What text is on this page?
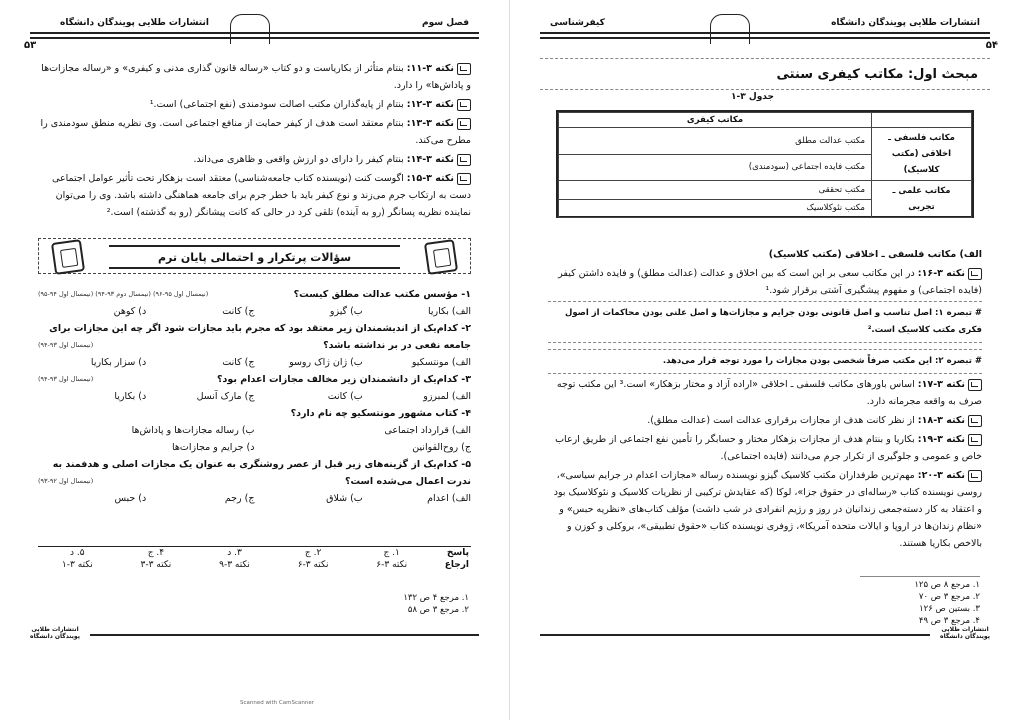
فصل سوم
انتشارات طلایی پویندگان دانشگاه
۵۳
نکته ۳-۱۱: بنتام متأثر از بکاریاست و دو کتاب «رساله قانون گذاری مدنی و کیفری» و «رساله مجازات‌ها و پاداش‌ها» را دارد.
نکته ۳-۱۲: بنتام از پایه‌گذاران مکتب اصالت سودمندی (نفع اجتماعی) است.¹
نکته ۳-۱۳: بنتام معتقد است هدف از کیفر حمایت از منافع اجتماعی است. وی نظریه منطق سودمندی را مطرح می‌کند.
نکته ۳-۱۴: بنتام کیفر را دارای دو ارزش واقعی و ظاهری می‌داند.
نکته ۳-۱۵: اگوست کنت (نویسنده کتاب جامعه‌شناسی) معتقد است بزهکار تحت تأثیر عوامل اجتماعی دست به ارتکاب جرم می‌زند و نوع کیفر باید با خطر جرم برای جامعه هماهنگی داشته باشد. وی را می‌توان نماینده نظریه پسانگر (رو به آینده) تلقی کرد در حالی که کانت پیشانگر (رو به گذشته) است.²
سؤالات پرتکرار و احتمالی پایان ترم
۱- مؤسس مکتب عدالت مطلق کیست؟
(نیمسال اول ۹۵-۹۶) (نیمسال دوم ۹۳-۹۴) (نیمسال اول ۹۴-۹۵)
الف) بکاریا
ب) گیزو
ج) کانت
د) کوهن
۲- کدام‌یک از اندیشمندان زیر معتقد بود که مجرم باید مجازات شود اگر چه این مجازات برای جامعه نفعی در بر نداشته باشد؟
(نیمسال اول ۹۳-۹۴)
الف) مونتسکیو
ب) ژان ژاک روسو
ج) کانت
د) سزار بکاریا
۳- کدام‌یک از دانشمندان زیر مخالف مجازات اعدام بود؟
(نیمسال اول ۹۳-۹۴)
الف) لمبرزو
ب) کانت
ج) مارک آنسل
د) بکاریا
۴- کتاب مشهور مونتسکیو چه نام دارد؟
الف) قرارداد اجتماعی
ب) رساله مجازات‌ها و پاداش‌ها
ج) روح‌القوانین
د) جرایم و مجازات‌ها
۵- کدام‌یک از گزینه‌های زیر قبل از عصر روشنگری به عنوان یک مجازات اصلی و هدفمند به ندرت اعمال می‌شده است؟
(نیمسال اول ۹۲-۹۳)
الف) اعدام
ب) شلاق
ج) رجم
د) حبس
پاسخ	۱. ج	۲. ج	۳. د	۴. ج	۵. د
ارجاع	نکته ۳-۶	نکته ۳-۶	نکته ۳-۹	نکته ۳-۳	نکته ۳-۱
۱. مرجع ۴ ص ۱۳۲
۲. مرجع ۳ ص ۵۸
انتشارات طلایی پویندگان دانشگاه
Scanned with CamScanner
انتشارات طلایی پویندگان دانشگاه
کیفرشناسی
۵۴
مبحث اول: مکاتب کیفری سنتی
جدول ۳-۱
	مکاتب کیفری
مکاتب فلسفی ـ اخلاقی (مکتب کلاسیک)	مکتب عدالت مطلق
	مکتب فایده اجتماعی (سودمندی)
مکاتب علمی ـ تجربی	مکتب تحققی
	مکتب نئوکلاسیک
الف) مکاتب فلسفی ـ اخلاقی (مکتب کلاسیک)
نکته ۳-۱۶: در این مکاتب سعی بر این است که بین اخلاق و عدالت (عدالت مطلق) و فایده داشتن کیفر (فایده اجتماعی) و مفهوم پیشگیری آشتی برقرار شود.¹
# تبصره ۱: اصل تناسب و اصل قانونی بودن جرایم و مجازات‌ها و اصل علنی بودن محاکمات از اصول فکری مکتب کلاسیک است.²
# تبصره ۲: این مکتب صرفاً شخصی بودن مجازات را مورد توجه قرار می‌دهد.
نکته ۳-۱۷: اساس باورهای مکاتب فلسفی ـ اخلاقی «اراده آزاد و مختار بزهکار» است.³ این مکتب توجه صرف به واقعه مجرمانه دارد.
نکته ۳-۱۸: از نظر کانت هدف از مجازات برقراری عدالت است (عدالت مطلق).
نکته ۳-۱۹: بکاریا و بنتام هدف از مجازات بزهکار مختار و حسابگر را تأمین نفع اجتماعی از طریق ارعاب خاص و عمومی و جلوگیری از تکرار جرم می‌دانند (فایده اجتماعی).
نکته ۳-۲۰: مهم‌ترین طرفداران مکتب کلاسیک گیزو نویسنده رساله «مجازات اعدام در جرایم سیاسی»، روسی نویسنده کتاب «رساله‌ای در حقوق جزا»، لوکا (که عقایدش ترکیبی از نظریات کلاسیک و نئوکلاسیک بود و اعتقاد به کار دسته‌جمعی زندانیان در روز و رژیم انفرادی در شب داشت) مؤلف کتاب‌های «نظریه حبس» و «نظام زندان‌ها در اروپا و ایالات متحده آمریکا»، ژوفری نویسنده کتاب «حقوق تطبیقی»، بروکلی و کوزن و بالاخص بکاریا هستند.
۱. مرجع ۸ ص ۱۲۵
۲. مرجع ۳ ص ۷۰
۳. بستین ص ۱۲۶
۴. مرجع ۳ ص ۴۹
انتشارات طلایی پویندگان دانشگاه
